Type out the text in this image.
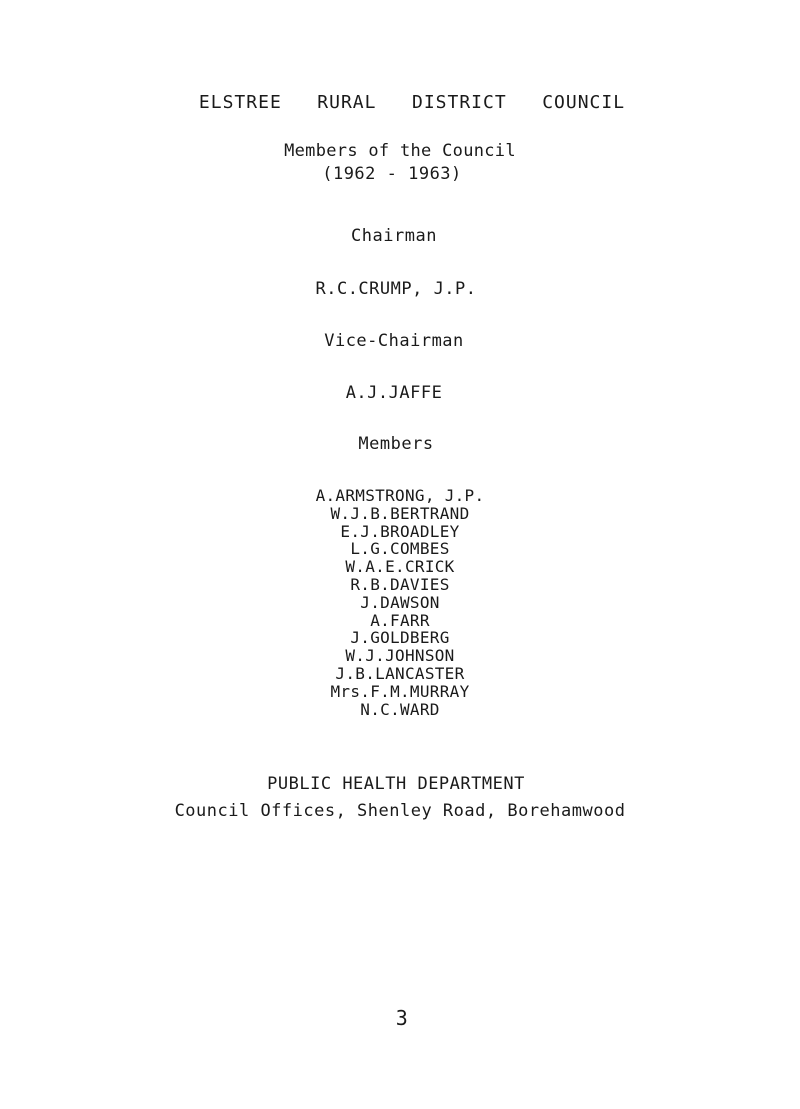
ELSTREE   RURAL   DISTRICT   COUNCIL
Members of the Council
(1962 - 1963)
Chairman
R.C.CRUMP, J.P.
Vice-Chairman
A.J.JAFFE
Members
A.ARMSTRONG, J.P.
W.J.B.BERTRAND
E.J.BROADLEY
L.G.COMBES
W.A.E.CRICK
R.B.DAVIES
J.DAWSON
A.FARR
J.GOLDBERG
W.J.JOHNSON
J.B.LANCASTER
Mrs.F.M.MURRAY
N.C.WARD
PUBLIC HEALTH DEPARTMENT
Council Offices, Shenley Road, Borehamwood
3
